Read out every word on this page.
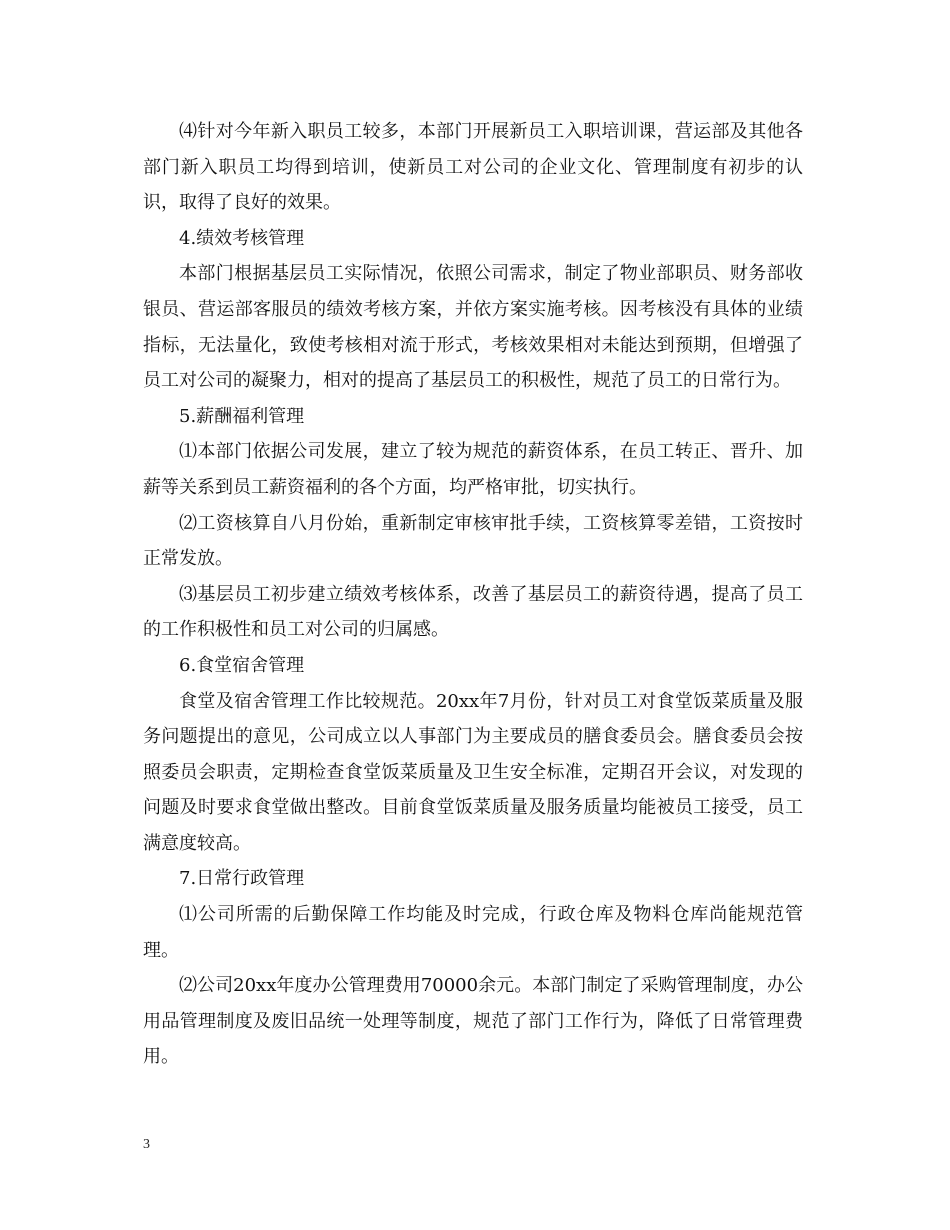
⑷针对今年新入职员工较多，本部门开展新员工入职培训课，营运部及其他各部门新入职员工均得到培训，使新员工对公司的企业文化、管理制度有初步的认识，取得了良好的效果。

4.绩效考核管理

本部门根据基层员工实际情况，依照公司需求，制定了物业部职员、财务部收银员、营运部客服员的绩效考核方案，并依方案实施考核。因考核没有具体的业绩指标，无法量化，致使考核相对流于形式，考核效果相对未能达到预期，但增强了员工对公司的凝聚力，相对的提高了基层员工的积极性，规范了员工的日常行为。

5.薪酬福利管理

⑴本部门依据公司发展，建立了较为规范的薪资体系，在员工转正、晋升、加薪等关系到员工薪资福利的各个方面，均严格审批，切实执行。

⑵工资核算自八月份始，重新制定审核审批手续，工资核算零差错，工资按时正常发放。

⑶基层员工初步建立绩效考核体系，改善了基层员工的薪资待遇，提高了员工的工作积极性和员工对公司的归属感。

6.食堂宿舍管理

食堂及宿舍管理工作比较规范。20xx年7月份，针对员工对食堂饭菜质量及服务问题提出的意见，公司成立以人事部门为主要成员的膳食委员会。膳食委员会按照委员会职责，定期检查食堂饭菜质量及卫生安全标准，定期召开会议，对发现的问题及时要求食堂做出整改。目前食堂饭菜质量及服务质量均能被员工接受，员工满意度较高。

7.日常行政管理

⑴公司所需的后勤保障工作均能及时完成，行政仓库及物料仓库尚能规范管理。

⑵公司20xx年度办公管理费用70000余元。本部门制定了采购管理制度，办公用品管理制度及废旧品统一处理等制度，规范了部门工作行为，降低了日常管理费用。

3
